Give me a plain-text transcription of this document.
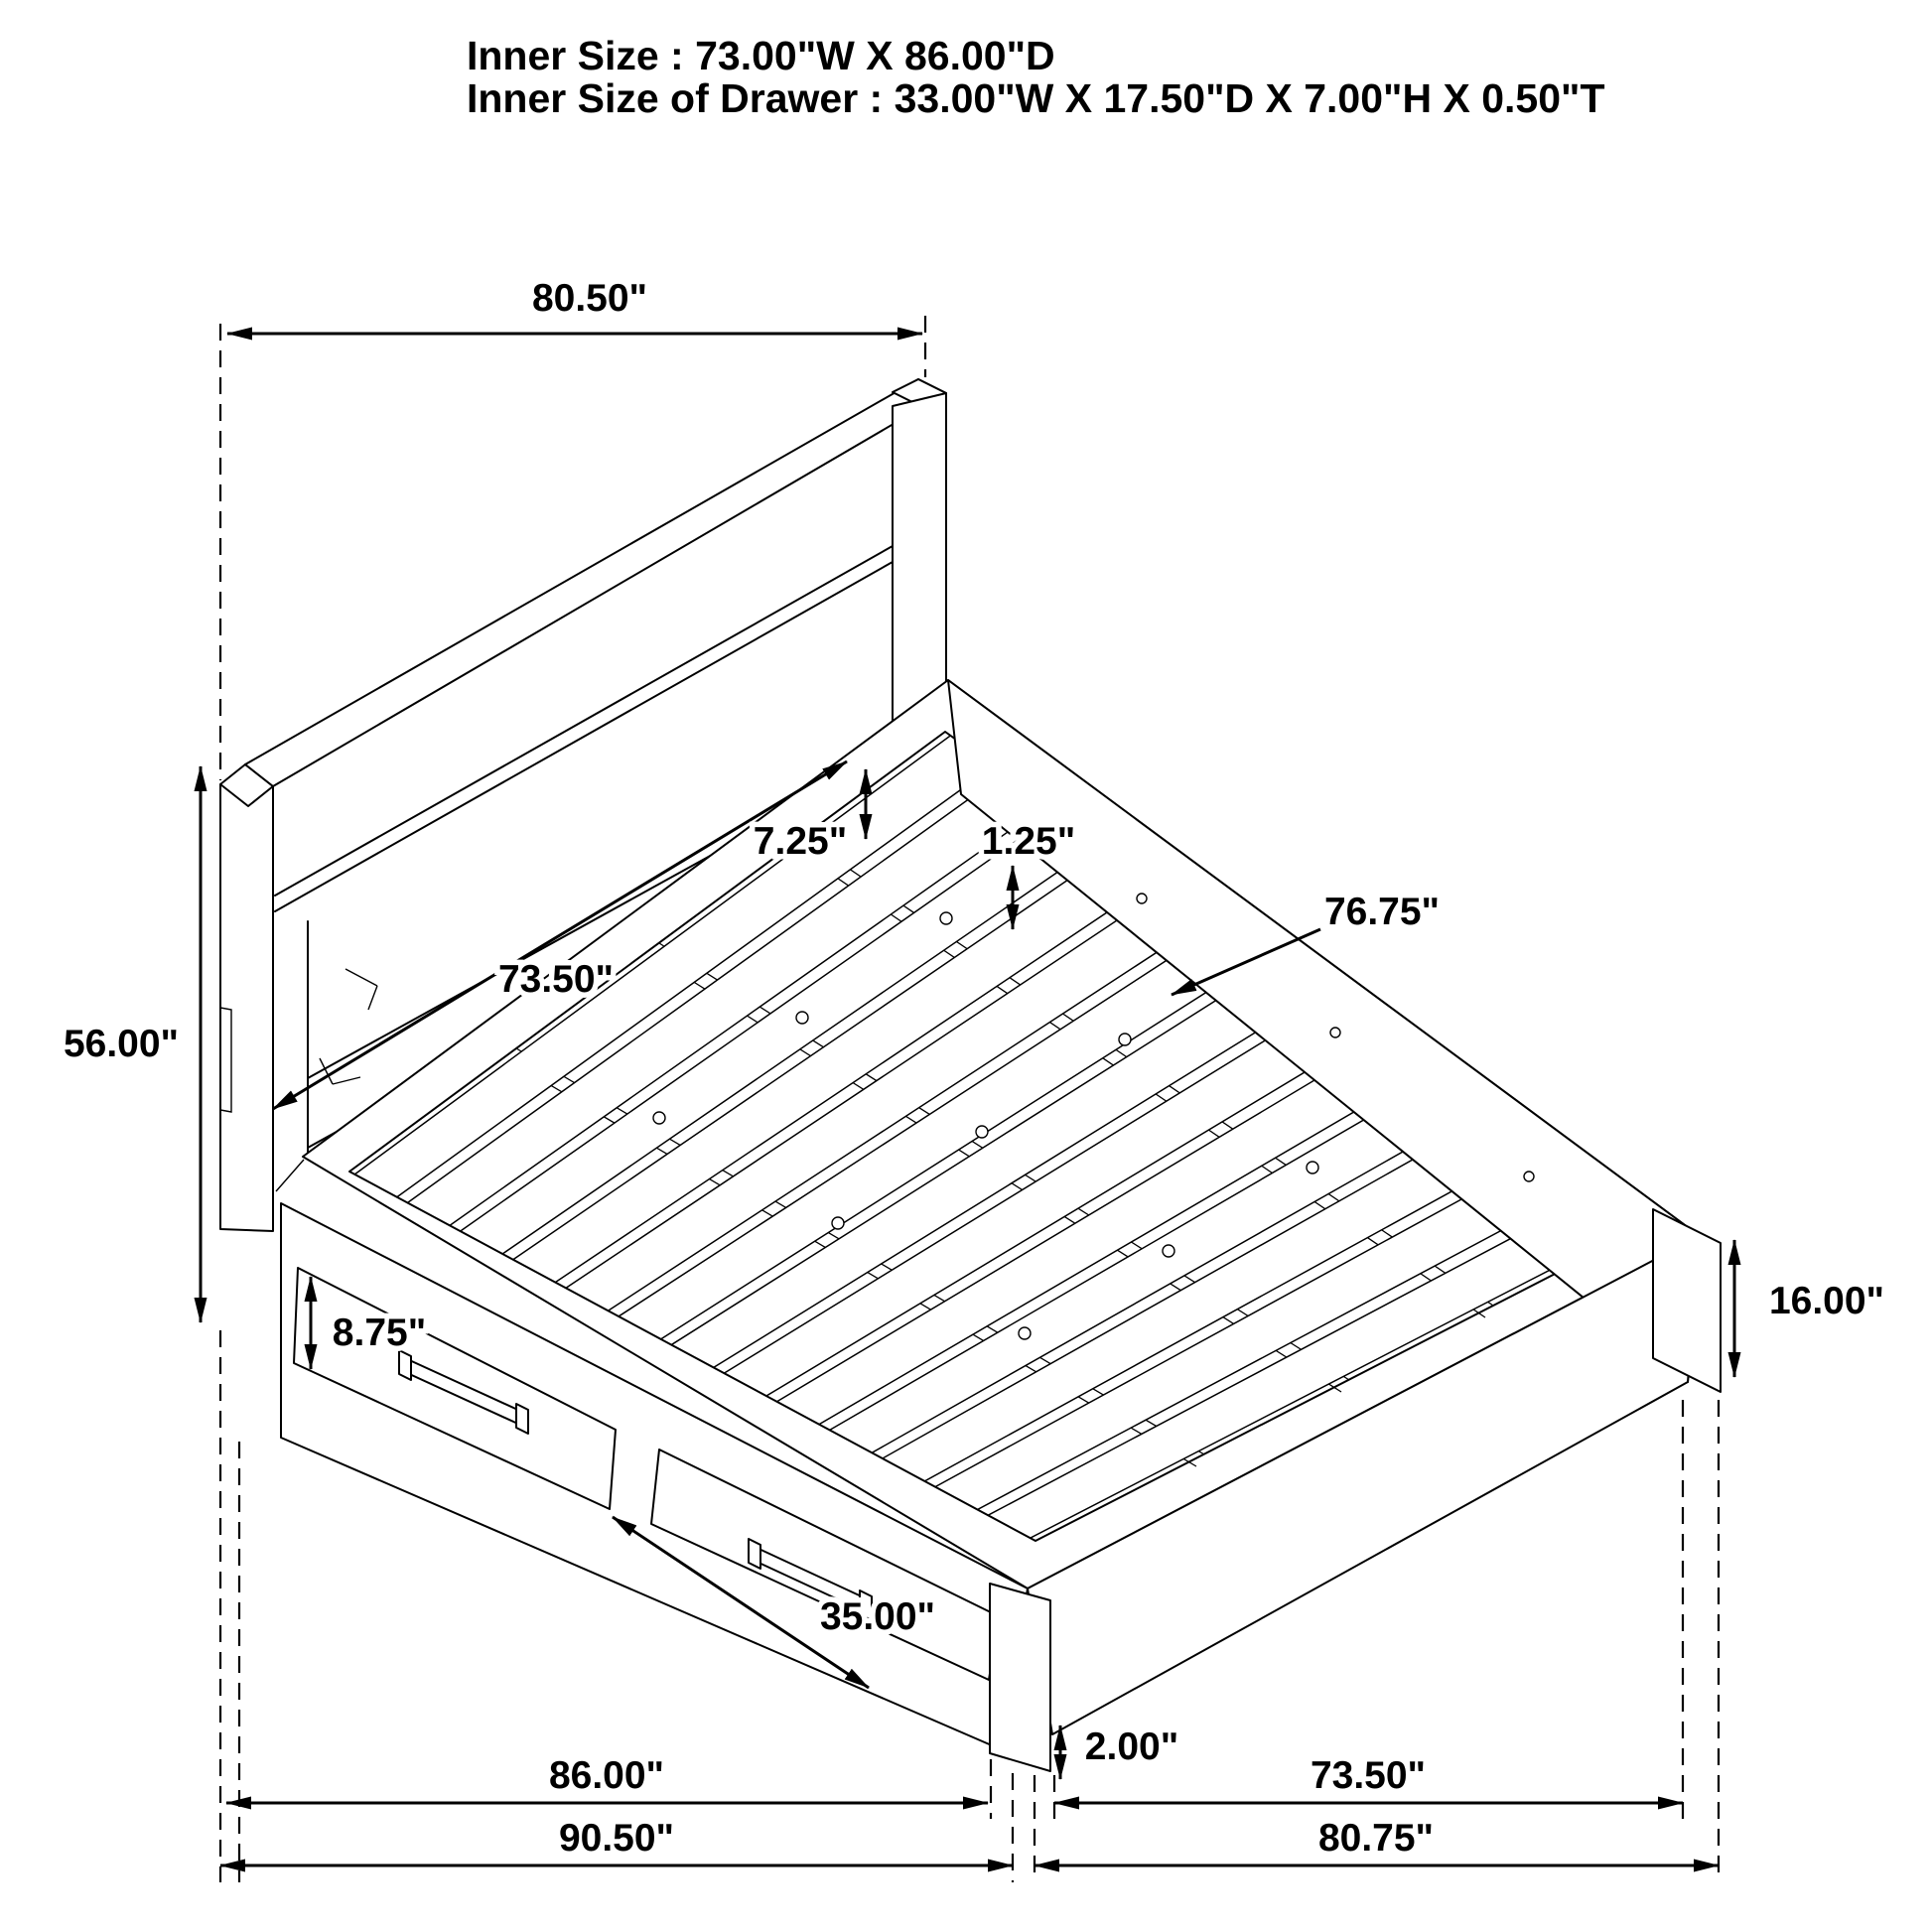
Inner Size : 73.00"W X 86.00"D
Inner Size of Drawer : 33.00"W X 17.50"D X 7.00"H X 0.50"T
80.50"
56.00"
73.50"
7.25"	1.25"
76.75"
8.75"
16.00"
35.00"
2.00"
86.00"
90.50"
73.50"
80.75"
